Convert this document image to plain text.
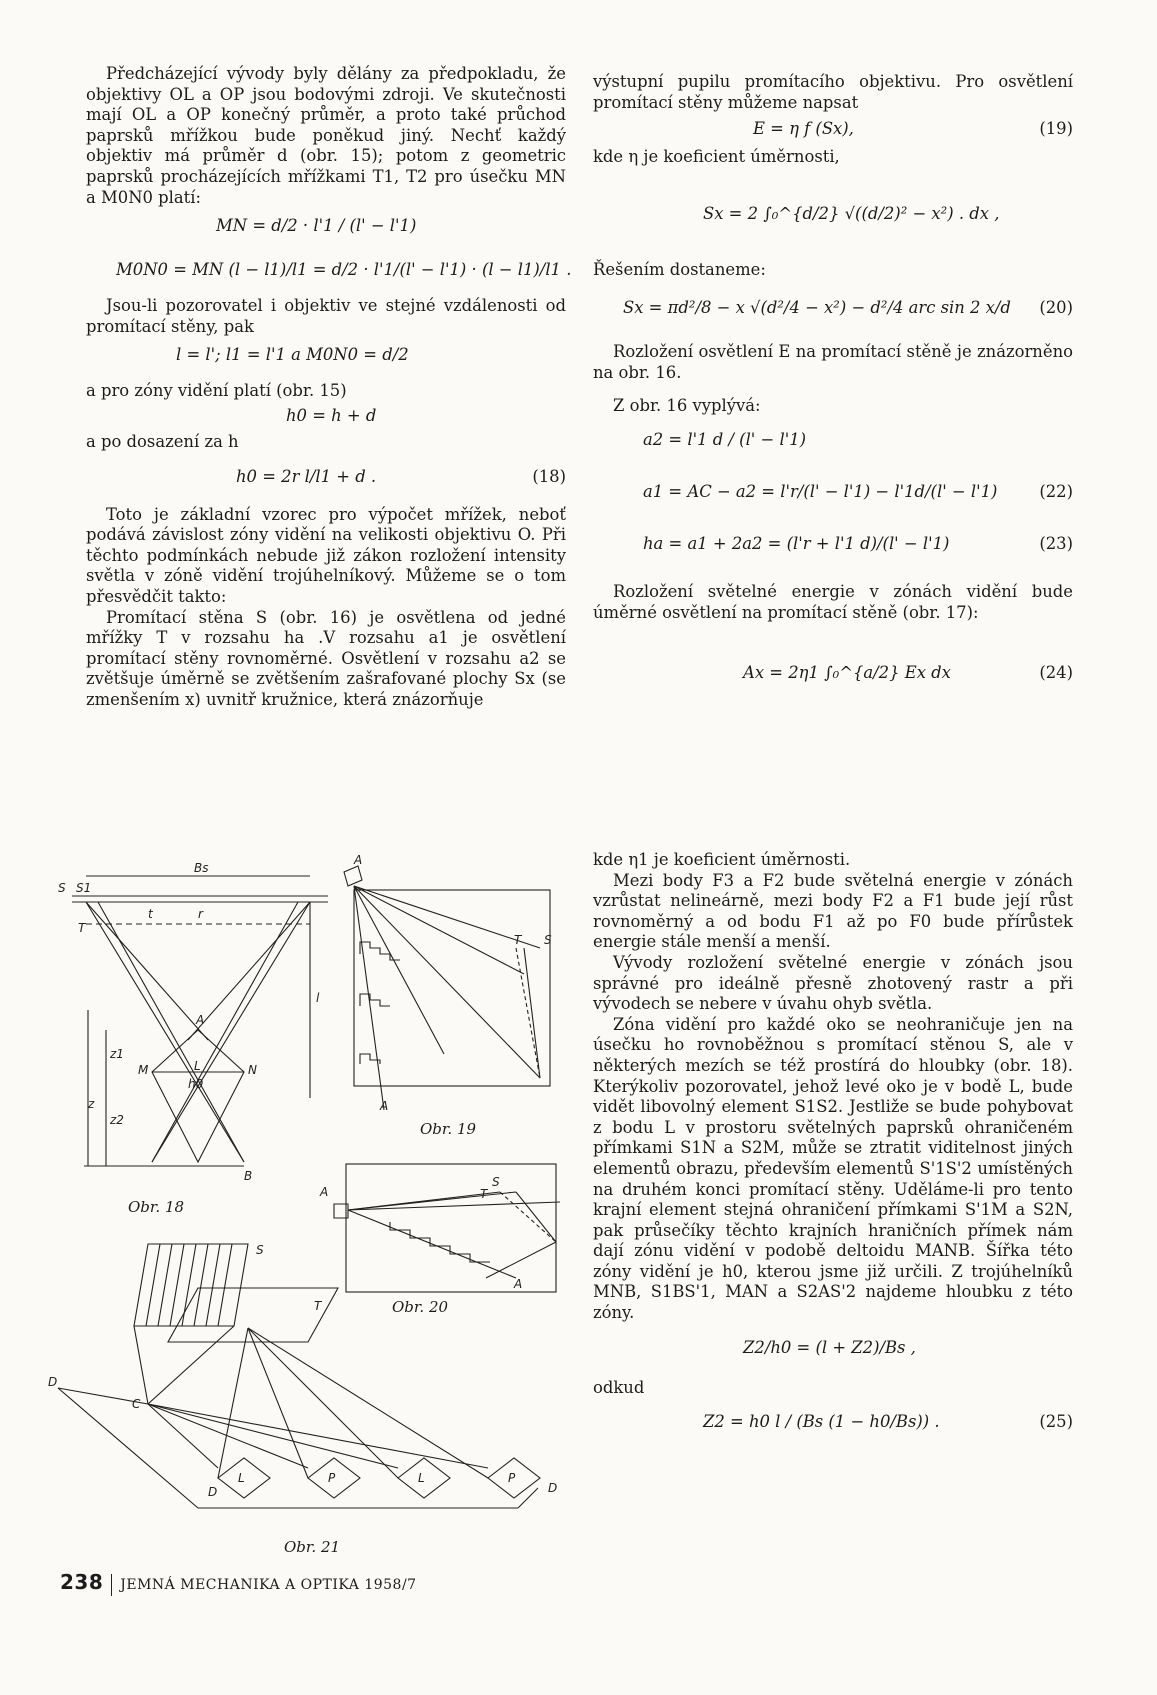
Předcházející vývody byly dělány za předpokladu, že objektivy OL a OP jsou bodovými zdroji. Ve skutečnosti mají OL a OP konečný průměr, a proto také průchod paprsků mřížkou bude poněkud jiný. Nechť každý objektiv má průměr d (obr. 15); potom z geometric paprsků procházejících mřížkami T1, T2 pro úsečku MN a M0N0 platí:

MN = d/2 · l'1 / (l' − l'1)
M0N0 = MN (l − l1)/l1 = d/2 · l'1/(l' − l'1) · (l − l1)/l1 .

Jsou-li pozorovatel i objektiv ve stejné vzdálenosti od promítací stěny, pak

l = l'; l1 = l'1 a M0N0 = d/2

a pro zóny vidění platí (obr. 15)

h0 = h + d

a po dosazení za h

h0 = 2r l/l1 + d .	(18)

Toto je základní vzorec pro výpočet mřížek, neboť podává závislost zóny vidění na velikosti objektivu O. Při těchto podmínkách nebude již zákon rozložení intensity světla v zóně vidění trojúhelníkový. Můžeme se o tom přesvědčit takto:

Promítací stěna S (obr. 16) je osvětlena od jedné mřížky T v rozsahu ha .V rozsahu a1 je osvětlení promítací stěny rovnoměrné. Osvětlení v rozsahu a2 se zvětšuje úměrně se zvětšením zašrafované plochy Sx (se zmenšením x) uvnitř kružnice, která znázorňuje

výstupní pupilu promítacího objektivu. Pro osvětlení promítací stěny můžeme napsat

E = η f (Sx),	(19)

kde η je koeficient úměrnosti,

Sx = 2 ∫₀^{d/2} √((d/2)² − x²) . dx ,

Řešením dostaneme:

Sx = πd²/8 − x √(d²/4 − x²) − d²/4 arc sin 2 x/d (20)

Rozložení osvětlení E na promítací stěně je znázorněno na obr. 16.

Z obr. 16 vyplývá:

a2 = l'1 d / (l' − l'1)
a1 = AC − a2 = l'r/(l' − l'1) − l'1d/(l' − l'1)	(22)
ha = a1 + 2a2 = (l'r + l'1 d)/(l' − l'1)	(23)

Rozložení světelné energie v zónách vidění bude úměrné osvětlení na promítací stěně (obr. 17):

Ax = 2η1 ∫₀^{a/2} Ex dx	(24)

kde η1 je koeficient úměrnosti.

Mezi body F3 a F2 bude světelná energie v zónách vzrůstat nelineárně, mezi body F2 a F1 bude její růst rovnoměrný a od bodu F1 až po F0 bude přírůstek energie stále menší a menší.

Vývody rozložení světelné energie v zónách jsou správné pro ideálně přesně zhotovený rastr a při vývodech se nebere v úvahu ohyb světla.

Zóna vidění pro každé oko se neohraničuje jen na úsečku ho rovnoběžnou s promítací stěnou S, ale v některých mezích se též prostírá do hloubky (obr. 18). Kterýkoliv pozorovatel, jehož levé oko je v bodě L, bude vidět libovolný element S1S2. Jestliže se bude pohybovat z bodu L v prostoru světelných paprsků ohraničeném přímkami S1N a S2M, může se ztratit viditelnost jiných elementů obrazu, především elementů S'1S'2 umístěných na druhém konci promítací stěny. Uděláme-li pro tento krajní element stejná ohraničení přímkami S'1M a S2N, pak průsečíky těchto krajních hraničních přímek nám dají zónu vidění v podobě deltoidu MANB. Šířka této zóny vidění je h0, kterou jsme již určili. Z trojúhelníků MNB, S1BS'1, MAN a S2AS'2 najdeme hloubku z této zóny.

Z2/h0 = (l + Z2)/Bs ,

odkud

Z2 = h0 l / (Bs (1 − h0/Bs)) .	(25)
Bs
S S1
t	r
T
l
A
z1
z
M	L	N
h0
z2
B
Obr. 18
A
T S
A
Obr. 19
A	T
S
A
Obr. 20
S
T
D
C
D
L	P	L	P
D
Obr. 21
238 JEMNÁ MECHANIKA A OPTIKA 1958/7
